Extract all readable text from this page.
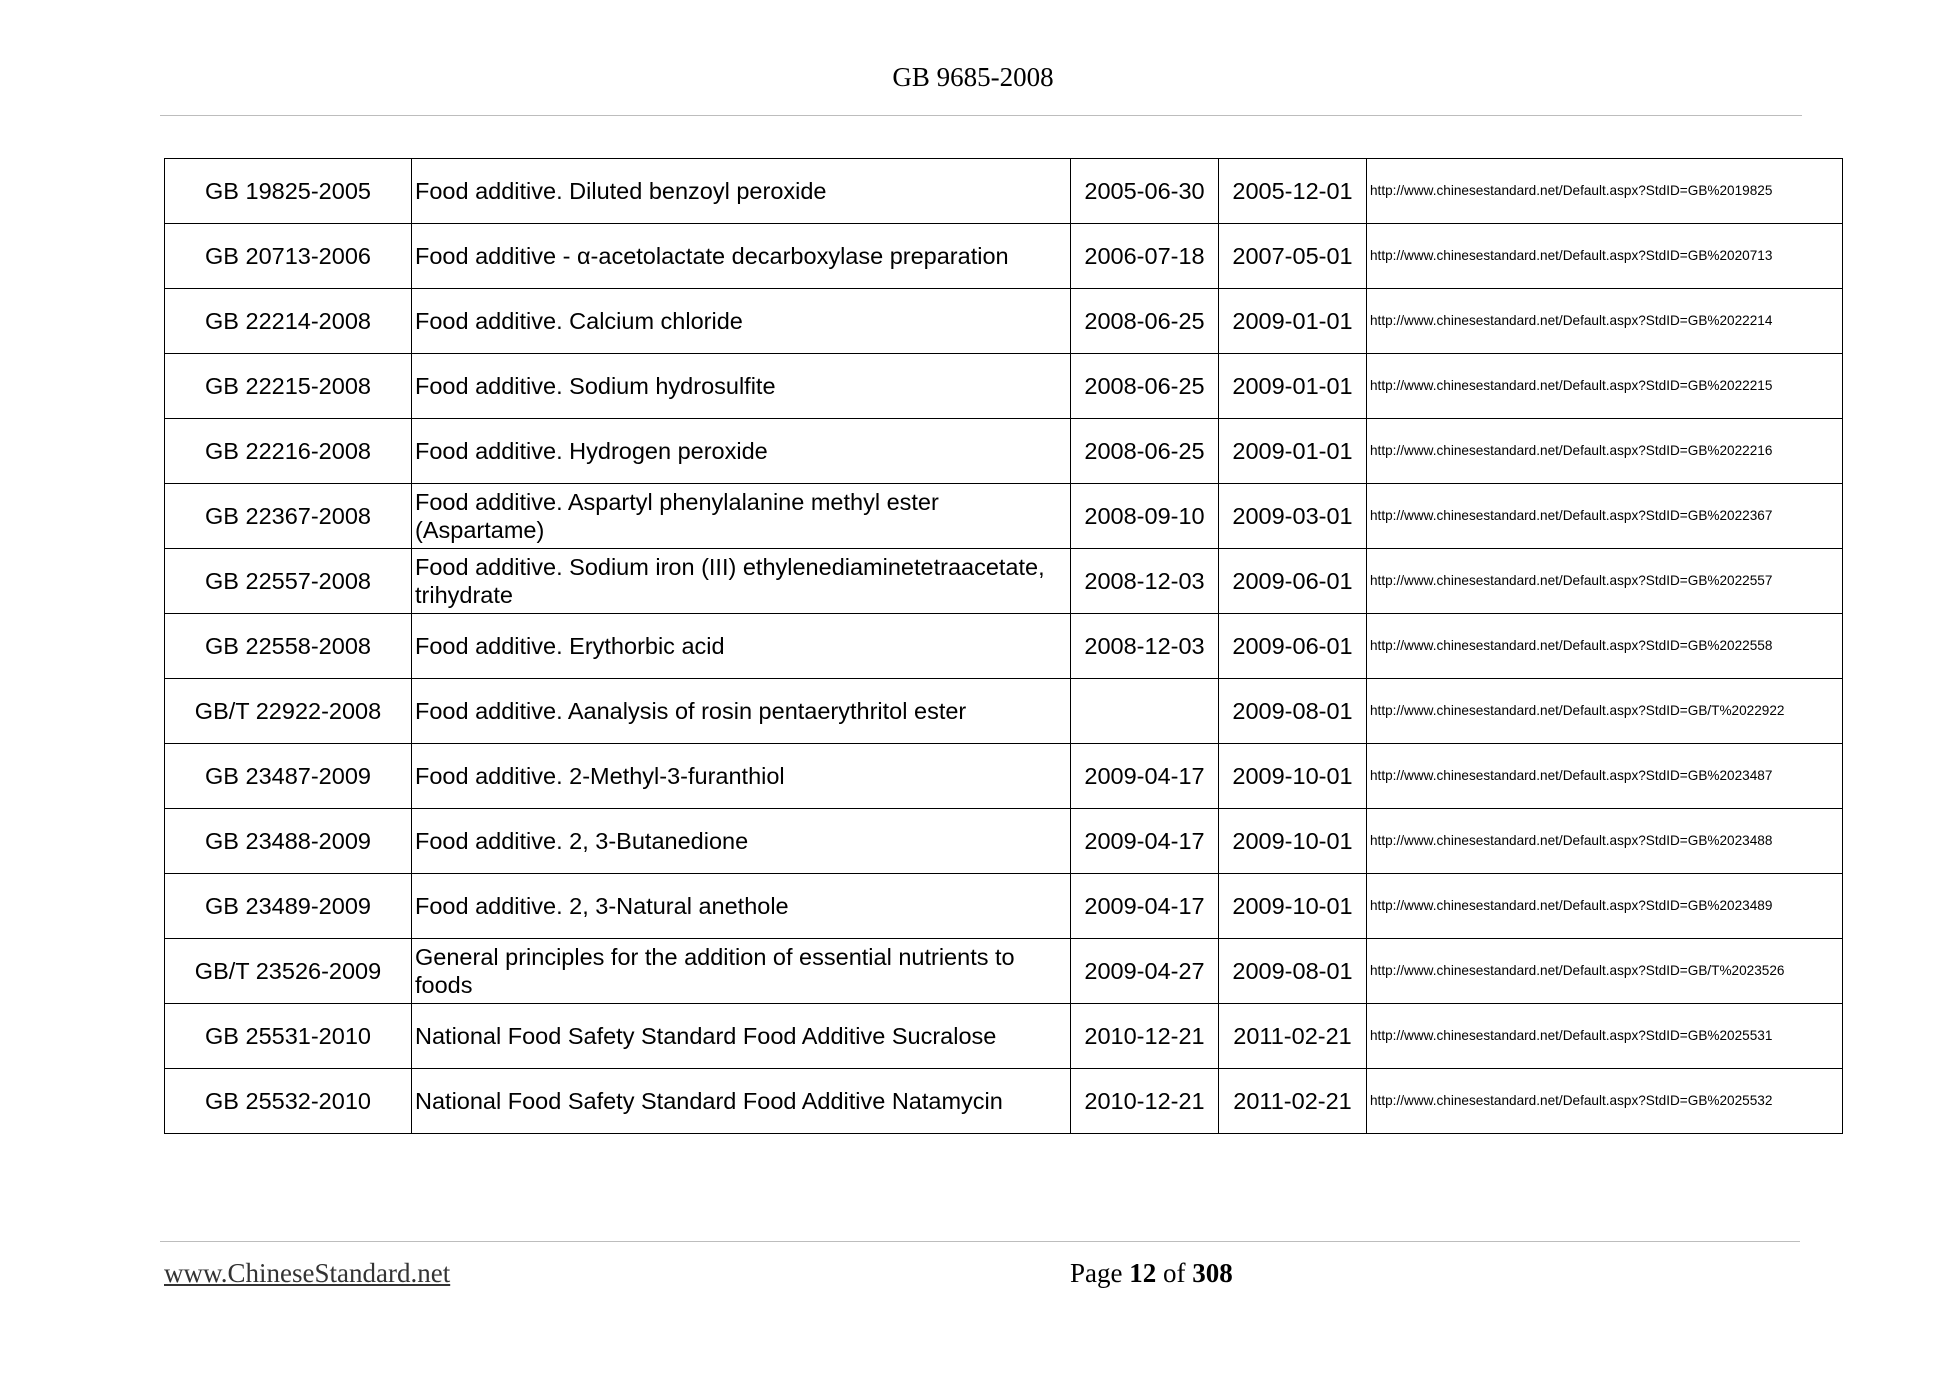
GB 9685-2008
GB 19825-2005	Food additive. Diluted benzoyl peroxide	2005-06-30	2005-12-01	http://www.chinesestandard.net/Default.aspx?StdID=GB%2019825
GB 20713-2006	Food additive - α-acetolactate decarboxylase preparation	2006-07-18	2007-05-01	http://www.chinesestandard.net/Default.aspx?StdID=GB%2020713
GB 22214-2008	Food additive. Calcium chloride	2008-06-25	2009-01-01	http://www.chinesestandard.net/Default.aspx?StdID=GB%2022214
GB 22215-2008	Food additive. Sodium hydrosulfite	2008-06-25	2009-01-01	http://www.chinesestandard.net/Default.aspx?StdID=GB%2022215
GB 22216-2008	Food additive. Hydrogen peroxide	2008-06-25	2009-01-01	http://www.chinesestandard.net/Default.aspx?StdID=GB%2022216
GB 22367-2008	Food additive. Aspartyl phenylalanine methyl ester (Aspartame)	2008-09-10	2009-03-01	http://www.chinesestandard.net/Default.aspx?StdID=GB%2022367
GB 22557-2008	Food additive. Sodium iron (III) ethylenediaminetetraacetate, trihydrate	2008-12-03	2009-06-01	http://www.chinesestandard.net/Default.aspx?StdID=GB%2022557
GB 22558-2008	Food additive. Erythorbic acid	2008-12-03	2009-06-01	http://www.chinesestandard.net/Default.aspx?StdID=GB%2022558
GB/T 22922-2008	Food additive. Aanalysis of rosin pentaerythritol ester		2009-08-01	http://www.chinesestandard.net/Default.aspx?StdID=GB/T%2022922
GB 23487-2009	Food additive. 2-Methyl-3-furanthiol	2009-04-17	2009-10-01	http://www.chinesestandard.net/Default.aspx?StdID=GB%2023487
GB 23488-2009	Food additive. 2, 3-Butanedione	2009-04-17	2009-10-01	http://www.chinesestandard.net/Default.aspx?StdID=GB%2023488
GB 23489-2009	Food additive. 2, 3-Natural anethole	2009-04-17	2009-10-01	http://www.chinesestandard.net/Default.aspx?StdID=GB%2023489
GB/T 23526-2009	General principles for the addition of essential nutrients to foods	2009-04-27	2009-08-01	http://www.chinesestandard.net/Default.aspx?StdID=GB/T%2023526
GB 25531-2010	National Food Safety Standard Food Additive Sucralose	2010-12-21	2011-02-21	http://www.chinesestandard.net/Default.aspx?StdID=GB%2025531
GB 25532-2010	National Food Safety Standard Food Additive Natamycin	2010-12-21	2011-02-21	http://www.chinesestandard.net/Default.aspx?StdID=GB%2025532
www.ChineseStandard.net	Page 12 of 308
